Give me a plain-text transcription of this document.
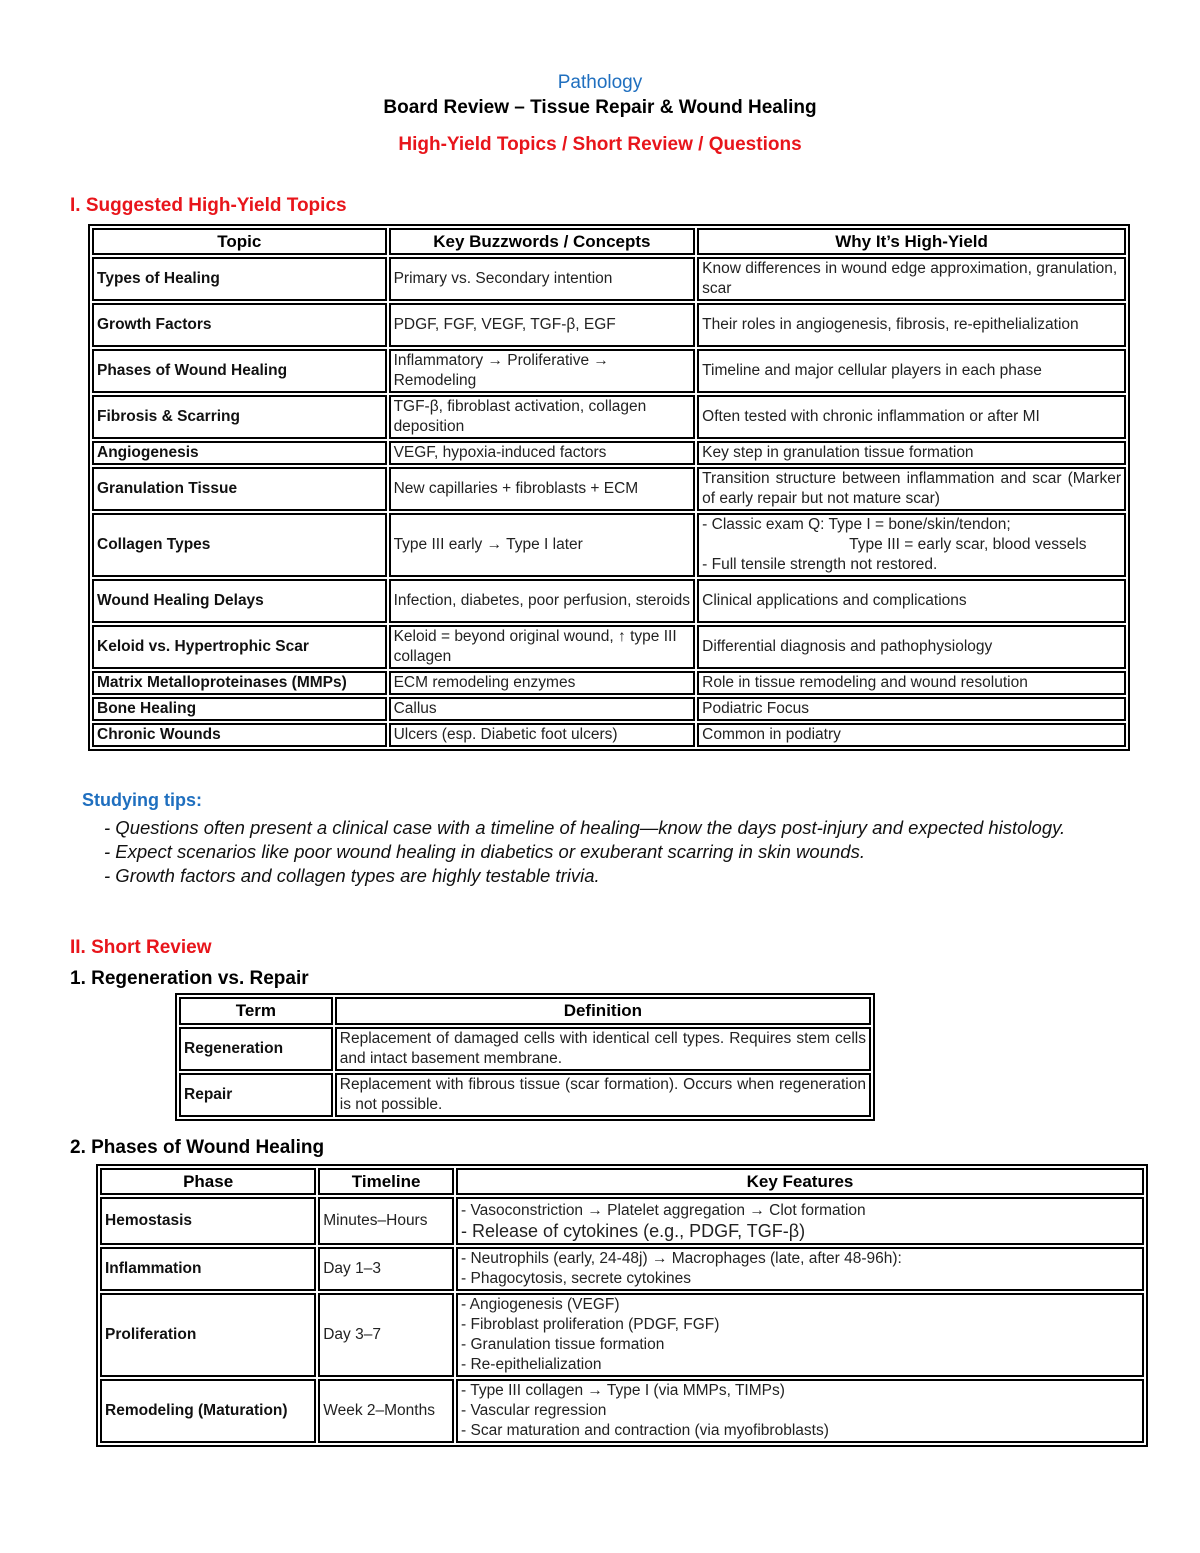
Pathology
Board Review – Tissue Repair & Wound Healing
High-Yield Topics / Short Review / Questions
I. Suggested High-Yield Topics
Topic	Key Buzzwords / Concepts	Why It’s High-Yield
Types of Healing	Primary vs. Secondary intention	Know differences in wound edge approximation, granulation, scar
Growth Factors	PDGF, FGF, VEGF, TGF-β, EGF	Their roles in angiogenesis, fibrosis, re-epithelialization
Phases of Wound Healing	Inflammatory → Proliferative → Remodeling	Timeline and major cellular players in each phase
Fibrosis & Scarring	TGF-β, fibroblast activation, collagen deposition	Often tested with chronic inflammation or after MI
Angiogenesis	VEGF, hypoxia-induced factors	Key step in granulation tissue formation
Granulation Tissue	New capillaries + fibroblasts + ECM	Transition structure between inflammation and scar (Marker of early repair but not mature scar)
Collagen Types	Type III early → Type I later	- Classic exam Q: Type I = bone/skin/tendon;
Type III = early scar, blood vessels
- Full tensile strength not restored.

Wound Healing Delays	Infection, diabetes, poor perfusion, steroids	Clinical applications and complications
Keloid vs. Hypertrophic Scar	Keloid = beyond original wound, ↑ type III collagen	Differential diagnosis and pathophysiology
Matrix Metalloproteinases (MMPs)	ECM remodeling enzymes	Role in tissue remodeling and wound resolution
Bone Healing	Callus	Podiatric Focus
Chronic Wounds	Ulcers (esp. Diabetic foot ulcers)	Common in podiatry
Studying tips:
- Questions often present a clinical case with a timeline of healing—know the days post-injury and expected histology.
- Expect scenarios like poor wound healing in diabetics or exuberant scarring in skin wounds.
- Growth factors and collagen types are highly testable trivia.
II. Short Review
1. Regeneration vs. Repair
Term	Definition
Regeneration	Replacement of damaged cells with identical cell types. Requires stem cells and intact basement membrane.
Repair	Replacement with fibrous tissue (scar formation). Occurs when regeneration is not possible.
2. Phases of Wound Healing
Phase	Timeline	Key Features
Hemostasis	Minutes–Hours	- Vasoconstriction → Platelet aggregation → Clot formation
- Release of cytokines (e.g., PDGF, TGF-β)

Inflammation	Day 1–3	- Neutrophils (early, 24-48j) → Macrophages (late, after 48-96h):
- Phagocytosis, secrete cytokines

Proliferation	Day 3–7	- Angiogenesis (VEGF)
- Fibroblast proliferation (PDGF, FGF)
- Granulation tissue formation
- Re-epithelialization

Remodeling (Maturation)	Week 2–Months	- Type III collagen → Type I (via MMPs, TIMPs)
- Vascular regression
- Scar maturation and contraction (via myofibroblasts)
